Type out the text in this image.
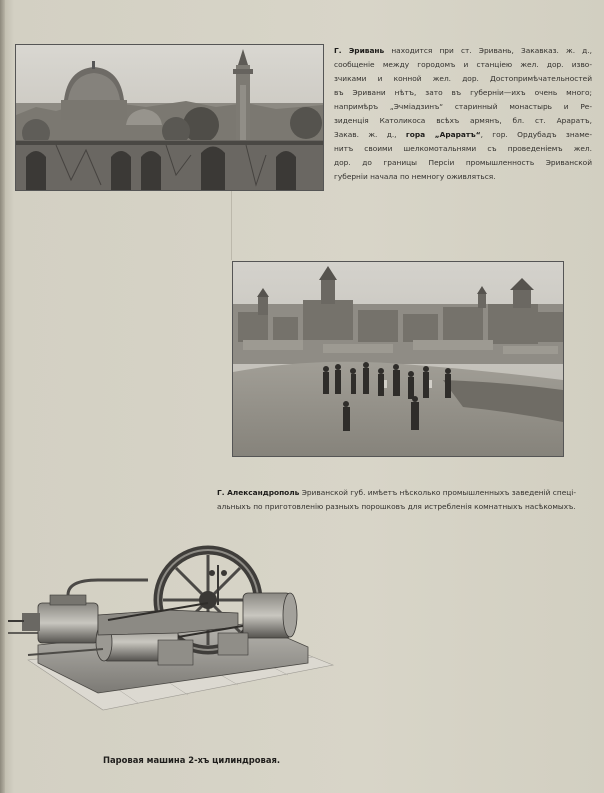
Г. Эривань находится при ст. Эривань, Закавказ. ж. д.,
сообщеніе между городомъ и станціею жел. дор. изво-
зчиками и конной жел. дор. Достопримѣчательностей
въ Эривани нѣтъ, зато въ губерніи—ихъ очень много;
напримѣръ „Эчміадзинъ“ старинный монастырь и Ре-
зиденція Католикоса всѣхъ армянъ, бл. ст. Араратъ,
Закав. ж. д., гора „Араратъ“, гор. Ордубадъ знаме-
нитъ своими шелкомотальнями съ проведеніемъ жел.
дор. до границы Персіи промышленность Эриванской
губерніи начала по немногу оживляться.
Г. Александрополь Эриванской губ. имѣетъ нѣсколько промышленныхъ заведеній спеці-
альныхъ по приготовленію разныхъ порошковъ для истребленія комнатныхъ насѣкомыхъ.
Паровая машина 2-хъ цилиндровая.
